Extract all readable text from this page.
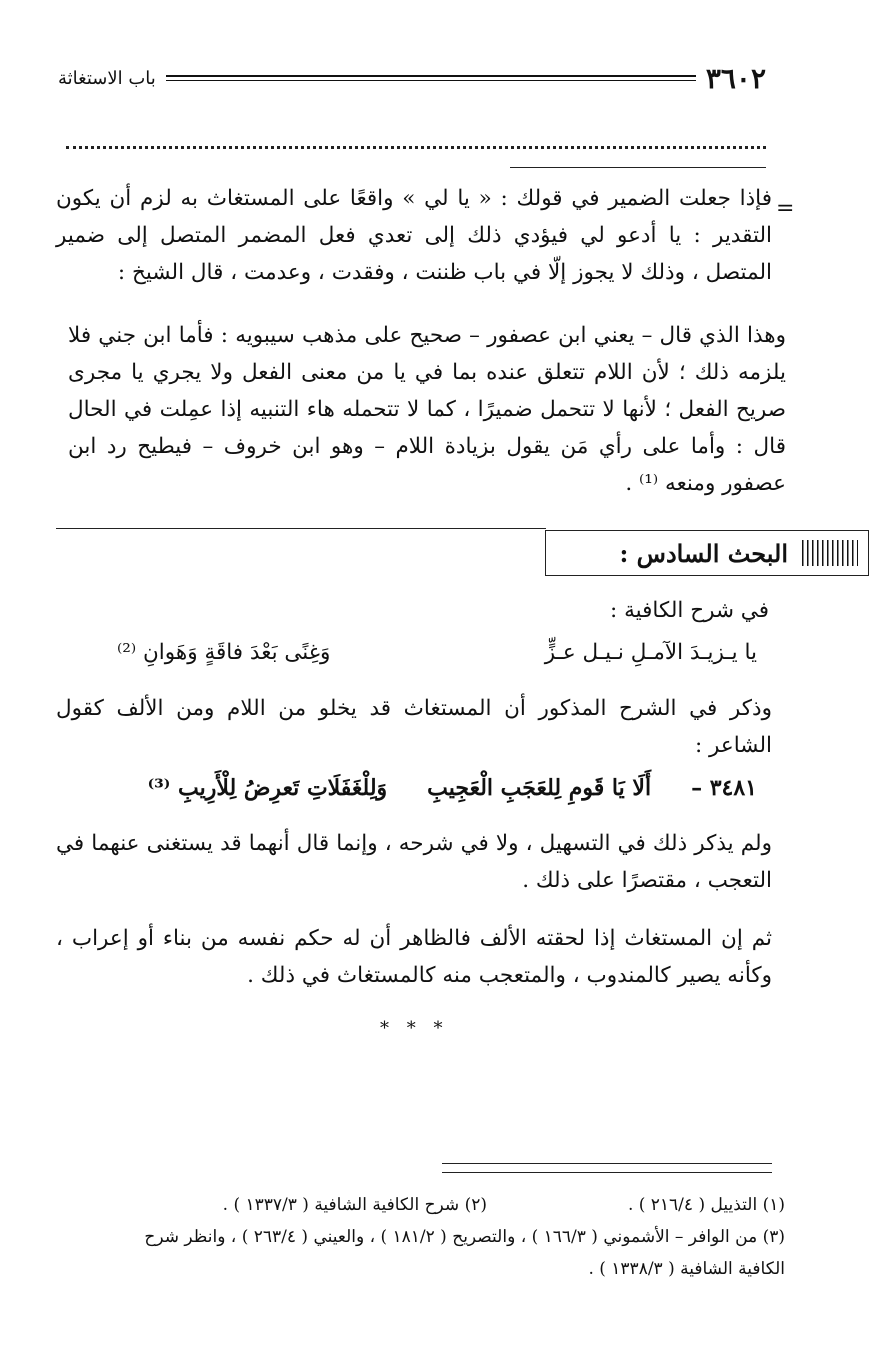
٣٦٠٢
باب الاستغاثة
=

فإذا جعلت الضمير في قولك : « يا لي » واقعًا على المستغاث به لزم أن يكون التقدير : يا أدعو لي فيؤدي ذلك إلى تعدي فعل المضمر المتصل إلى ضمير المتصل ، وذلك لا يجوز إلّا في باب ظننت ، وفقدت ، وعدمت ، قال الشيخ :

وهذا الذي قال – يعني ابن عصفور – صحيح على مذهب سيبويه : فأما ابن جني فلا يلزمه ذلك ؛ لأن اللام تتعلق عنده بما في يا من معنى الفعل ولا يجري يا مجرى صريح الفعل ؛ لأنها لا تتحمل ضميرًا ، كما لا تتحمله هاء التنبيه إذا عمِلت في الحال قال : وأما على رأي مَن يقول بزيادة اللام – وهو ابن خروف – فيطيح رد ابن عصفور ومنعه ⁽¹⁾ .

البحث السادس :
في شرح الكافية :
يا يـزيـدَ الآمـلِ نـيـل عـزٍّ
وَغِنًى بَعْدَ فاقَةٍ وَهَوانِ ⁽²⁾

وذكر في الشرح المذكور أن المستغاث قد يخلو من اللام ومن الألف كقول الشاعر :

٣٤٨١ –
أَلَا يَا قَومِ لِلعَجَبِ الْعَجِيبِ
وَلِلْغَفَلَاتِ تَعرِضُ لِلْأَرِيبِ ⁽³⁾

ولم يذكر ذلك في التسهيل ، ولا في شرحه ، وإنما قال أنهما قد يستغنى عنهما في التعجب ، مقتصرًا على ذلك .

ثم إن المستغاث إذا لحقته الألف فالظاهر أن له حكم نفسه من بناء أو إعراب ، وكأنه يصير كالمندوب ، والمتعجب منه كالمستغاث في ذلك .

* * *
(١) التذييل ( ٢١٦/٤ ) .
(٢) شرح الكافية الشافية ( ١٣٣٧/٣ ) .
(٣) من الوافر – الأشموني ( ١٦٦/٣ ) ، والتصريح ( ١٨١/٢ ) ، والعيني ( ٢٦٣/٤ ) ، وانظر شرح
الكافية الشافية ( ١٣٣٨/٣ ) .
